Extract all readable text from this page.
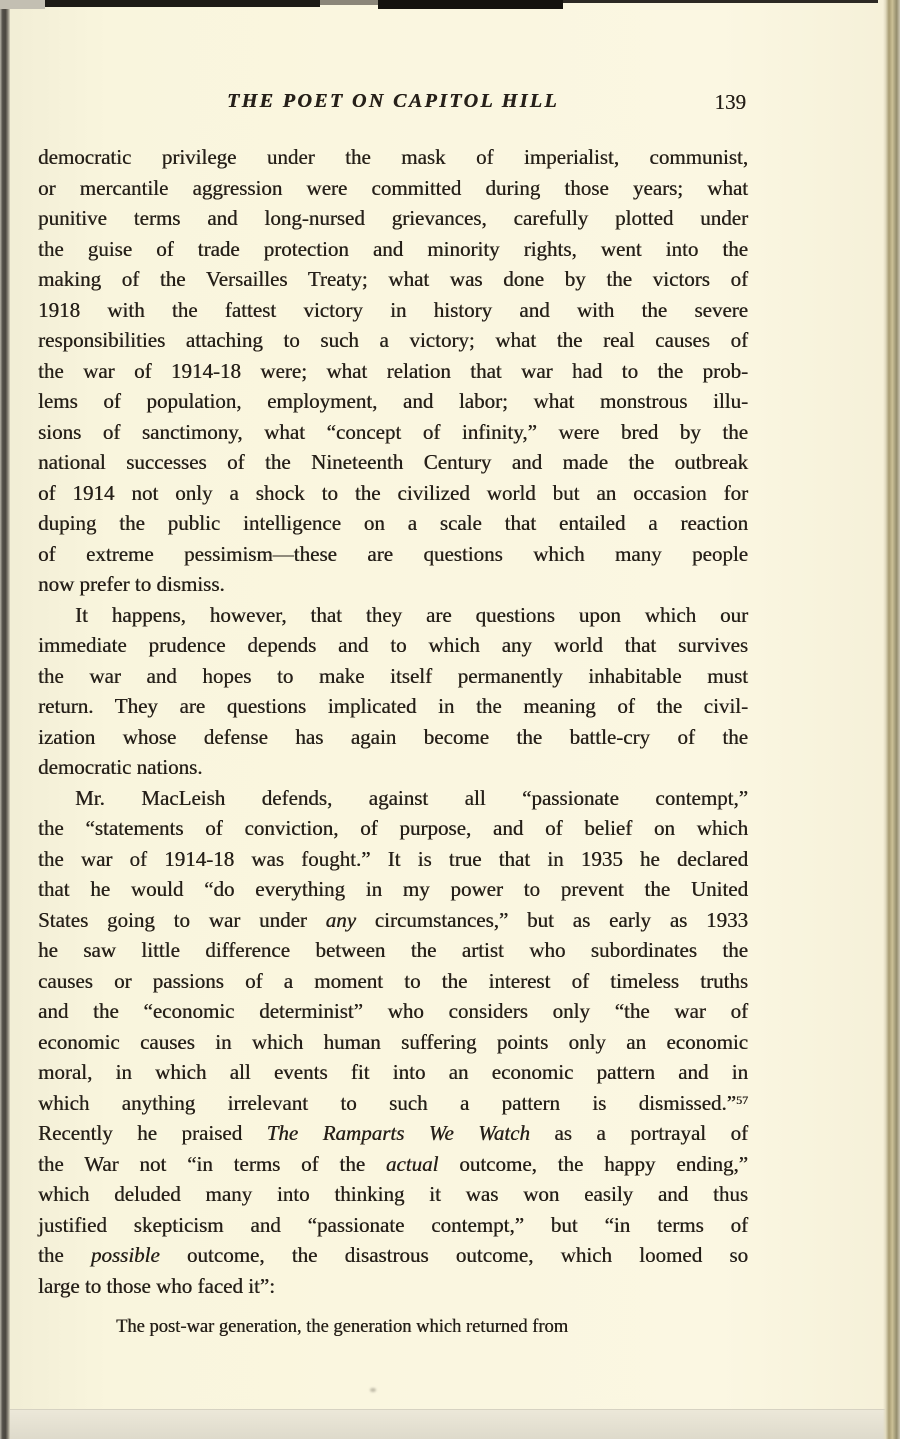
THE POET ON CAPITOL HILL	139
democratic privilege under the mask of imperialist, communist,
or mercantile aggression were committed during those years; what
punitive terms and long-nursed grievances, carefully plotted under
the guise of trade protection and minority rights, went into the
making of the Versailles Treaty; what was done by the victors of
1918 with the fattest victory in history and with the severe
responsibilities attaching to such a victory; what the real causes of
the war of 1914-18 were; what relation that war had to the prob-
lems of population, employment, and labor; what monstrous illu-
sions of sanctimony, what “concept of infinity,” were bred by the
national successes of the Nineteenth Century and made the outbreak
of 1914 not only a shock to the civilized world but an occasion for
duping the public intelligence on a scale that entailed a reaction
of extreme pessimism—these are questions which many people
now prefer to dismiss.
It happens, however, that they are questions upon which our
immediate prudence depends and to which any world that survives
the war and hopes to make itself permanently inhabitable must
return. They are questions implicated in the meaning of the civil-
ization whose defense has again become the battle-cry of the
democratic nations.
Mr. MacLeish defends, against all “passionate contempt,”
the “statements of conviction, of purpose, and of belief on which
the war of 1914-18 was fought.” It is true that in 1935 he declared
that he would “do everything in my power to prevent the United
States going to war under any circumstances,” but as early as 1933
he saw little difference between the artist who subordinates the
causes or passions of a moment to the interest of timeless truths
and the “economic determinist” who considers only “the war of
economic causes in which human suffering points only an economic
moral, in which all events fit into an economic pattern and in
which anything irrelevant to such a pattern is dismissed.”$^{57}$
Recently he praised The Ramparts We Watch as a portrayal of
the War not “in terms of the actual outcome, the happy ending,”
which deluded many into thinking it was won easily and thus
justified skepticism and “passionate contempt,” but “in terms of
the possible outcome, the disastrous outcome, which loomed so
large to those who faced it”:
The post-war generation, the generation which returned from
